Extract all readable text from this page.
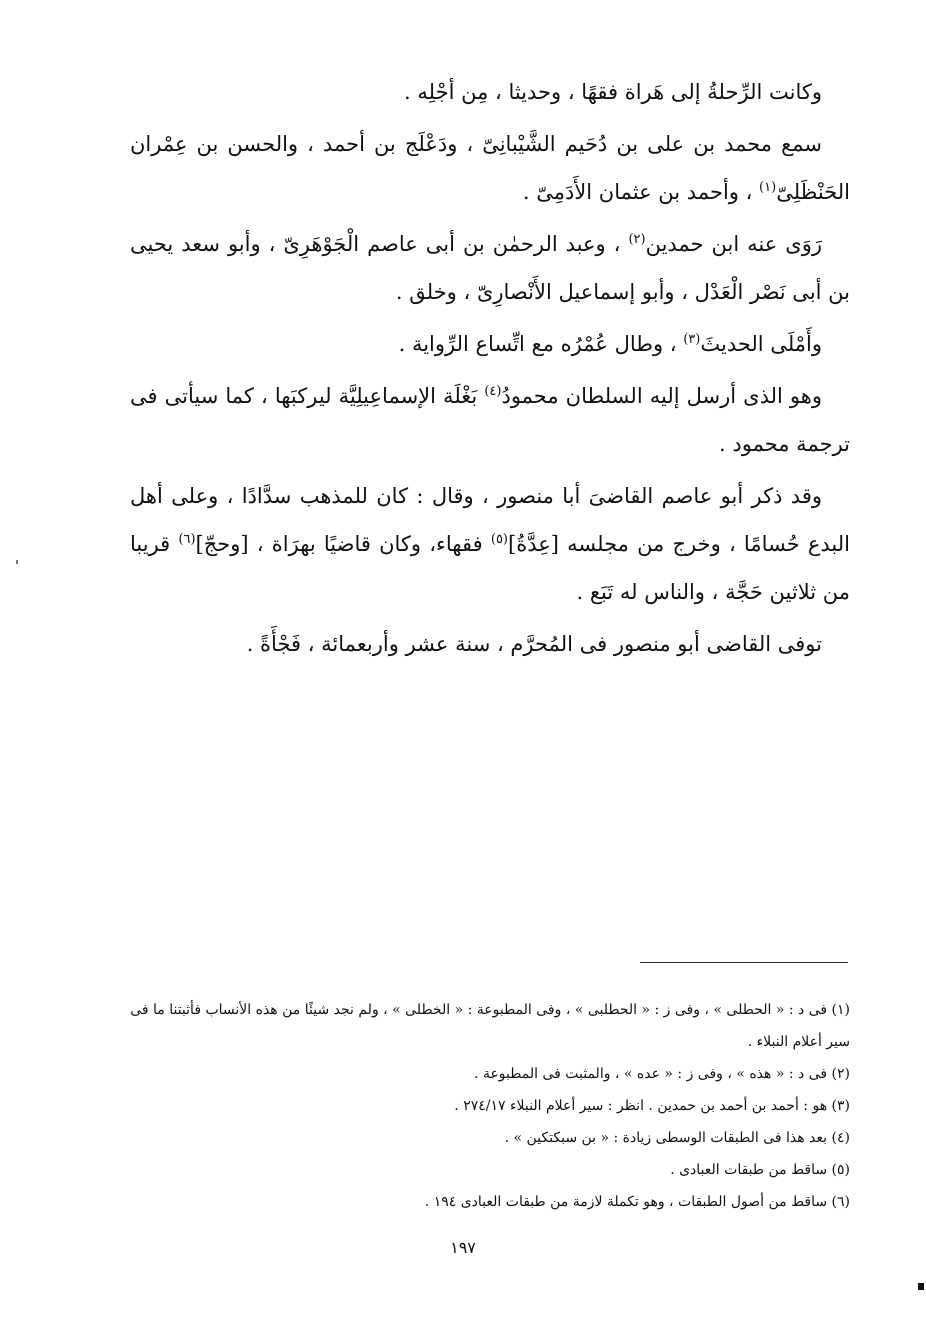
وكانت الرِّحلةُ إلى هَراة فقهًا ، وحديثا ، مِن أجْلِه .

سمع محمد بن على بن دُحَيم الشَّيْبانِىّ ، ودَعْلَج بن أحمد ، والحسن بن عِمْران الحَنْظَلِىّ$^{(١)}$ ، وأحمد بن عثمان الأَدَمِىّ .

رَوَى عنه ابن حمدين$^{(٢)}$ ، وعبد الرحمٰن بن أبى عاصم الْجَوْهَرِىّ ، وأبو سعد يحيى بن أبى نَصْر الْعَدْل ، وأبو إسماعيل الأَنْصارِىّ ، وخلق .

وأَمْلَى الحديثَ$^{(٣)}$ ، وطال عُمْرُه مع اتِّساع الرِّواية .

وهو الذى أرسل إليه السلطان محمودُ$^{(٤)}$ بَغْلَة الإسماعِيلِيَّة ليركبَها ، كما سيأتى فى ترجمة محمود .

وقد ذكر أبو عاصم القاضىَ أبا منصور ، وقال : كان للمذهب سدَّادًا ، وعلى أهل البدع حُسامًا ، وخرج من مجلسه [عِدَّةُ]$^{(٥)}$ فقهاء، وكان قاضيًا بهرَاة ، [وحجّ]$^{(٦)}$ قريبا من ثلاثين حَجَّة ، والناس له تَبَع .

توفى القاضى أبو منصور فى المُحرَّم ، سنة عشر وأربعمائة ، فَجْأَةً .

(١) فى د : « الحطلى » ، وفى ز : « الحطلبى » ، وفى المطبوعة : « الخطلى » ، ولم نجد شيئًا من هذه الأنساب فأثبتنا ما فى سير أعلام النبلاء .

(٢) فى د : « هذه » ، وفى ز : « عده » ، والمثبت فى المطبوعة .

(٣) هو : أحمد بن أحمد بن حمدين . انظر : سير أعلام النبلاء ٢٧٤/١٧ .

(٤) بعد هذا فى الطبقات الوسطى زيادة : « بن سبكتكين » .

(٥) ساقط من طبقات العبادى .

(٦) ساقط من أصول الطبقات ، وهو تكملة لازمة من طبقات العبادى ١٩٤ .

١٩٧
